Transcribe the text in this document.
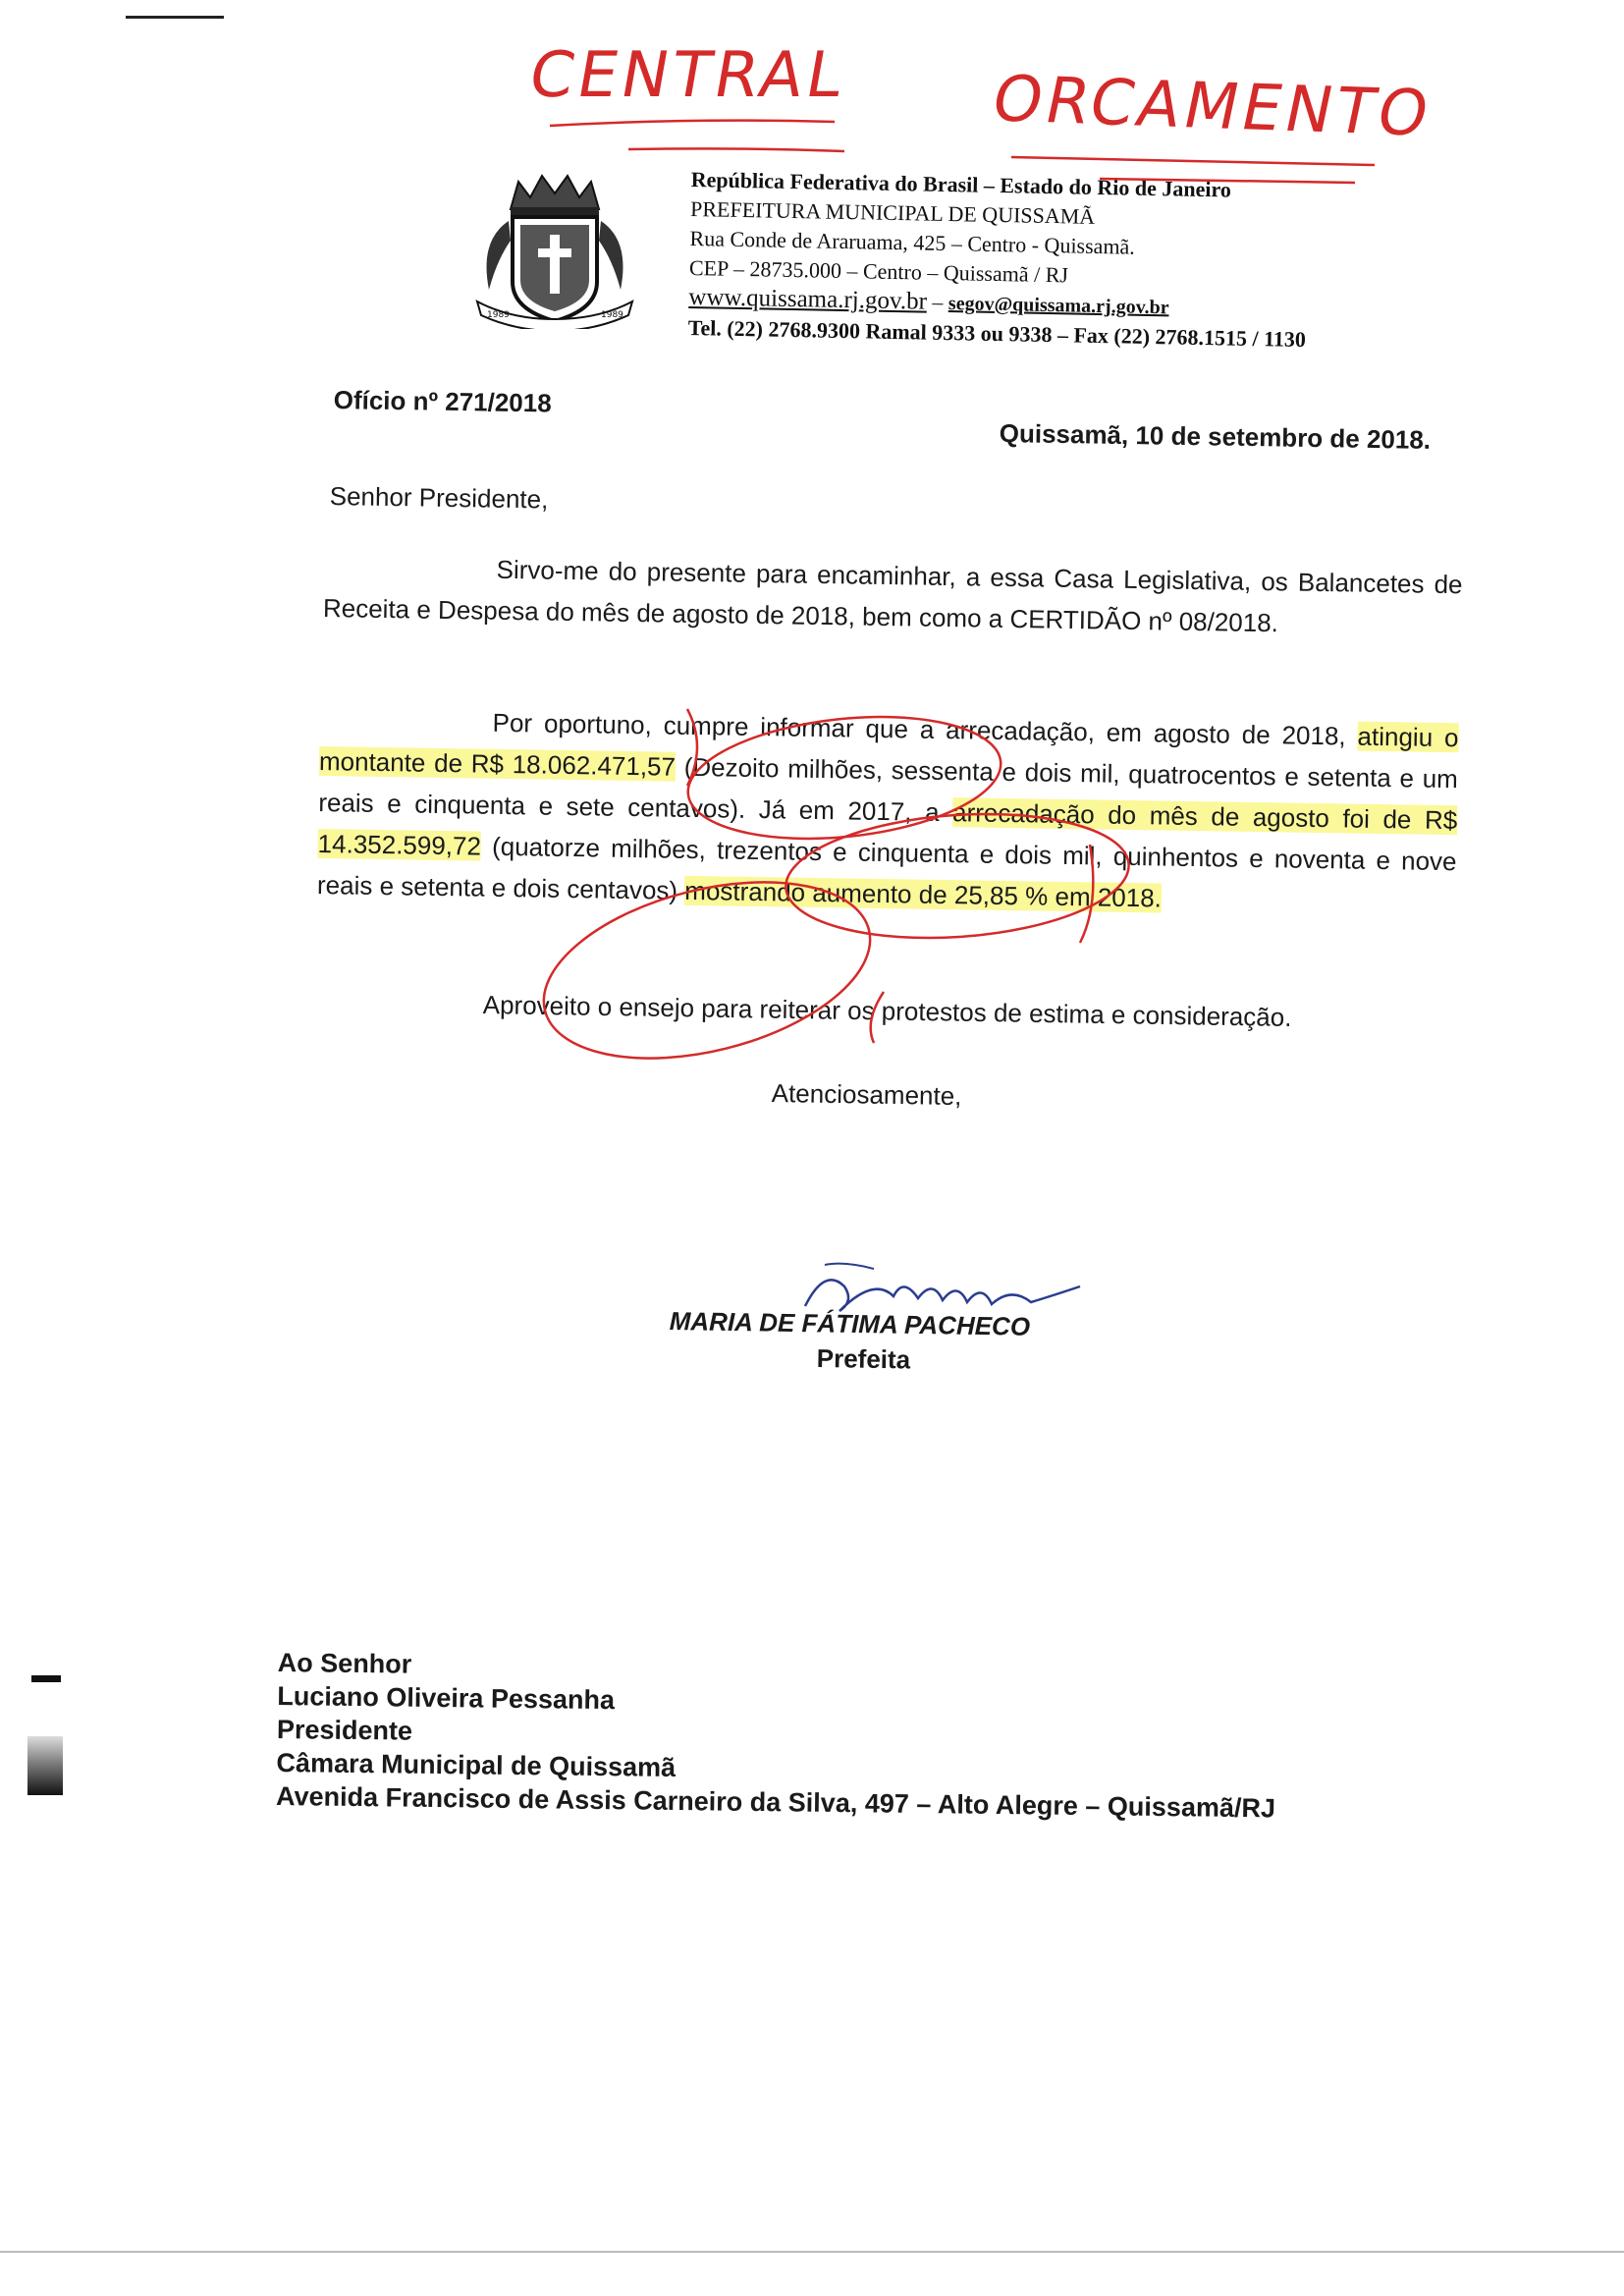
CENTRAL ORCAMENTO
1989	1989
República Federativa do Brasil – Estado do Rio de Janeiro
PREFEITURA MUNICIPAL DE QUISSAMÃ
Rua Conde de Araruama, 425 – Centro - Quissamã.
CEP – 28735.000 – Centro – Quissamã / RJ
www.quissama.rj.gov.br – segov@quissama.rj.gov.br
Tel. (22) 2768.9300 Ramal 9333 ou 9338 – Fax (22) 2768.1515 / 1130
Ofício nº 271/2018
Quissamã, 10 de setembro de 2018.
Senhor Presidente,

Sirvo-me do presente para encaminhar, a essa Casa Legislativa, os Balancetes de Receita e Despesa do mês de agosto de 2018, bem como a CERTIDÃO nº 08/2018.

Por oportuno, cumpre informar que a arrecadação, em agosto de 2018, atingiu o montante de R$ 18.062.471,57 (Dezoito milhões, sessenta e dois mil, quatrocentos e setenta e um reais e cinquenta e sete centavos). Já em 2017, a arrecadação do mês de agosto foi de R$ 14.352.599,72 (quatorze milhões, trezentos e cinquenta e dois mil, quinhentos e noventa e nove reais e setenta e dois centavos) mostrando aumento de 25,85 % em 2018.

Aproveito o ensejo para reiterar os protestos de estima e consideração.
Atenciosamente,
MARIA DE FÁTIMA PACHECO
Prefeita
Ao Senhor
Luciano Oliveira Pessanha
Presidente
Câmara Municipal de Quissamã
Avenida Francisco de Assis Carneiro da Silva, 497 – Alto Alegre – Quissamã/RJ
